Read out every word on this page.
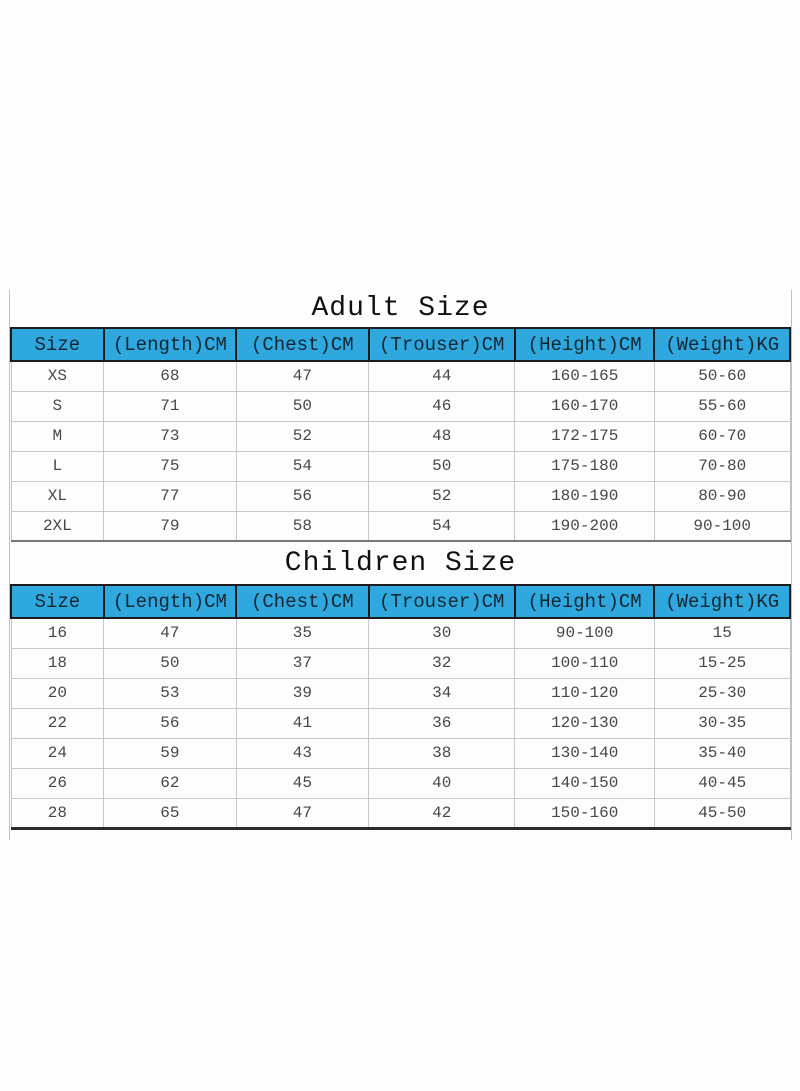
Adult Size
Size	(Length)CM	(Chest)CM	(Trouser)CM	(Height)CM	(Weight)KG
XS	68	47	44	160-165	50-60
S	71	50	46	160-170	55-60
M	73	52	48	172-175	60-70
L	75	54	50	175-180	70-80
XL	77	56	52	180-190	80-90
2XL	79	58	54	190-200	90-100
Children Size
Size	(Length)CM	(Chest)CM	(Trouser)CM	(Height)CM	(Weight)KG
16	47	35	30	90-100	15
18	50	37	32	100-110	15-25
20	53	39	34	110-120	25-30
22	56	41	36	120-130	30-35
24	59	43	38	130-140	35-40
26	62	45	40	140-150	40-45
28	65	47	42	150-160	45-50
